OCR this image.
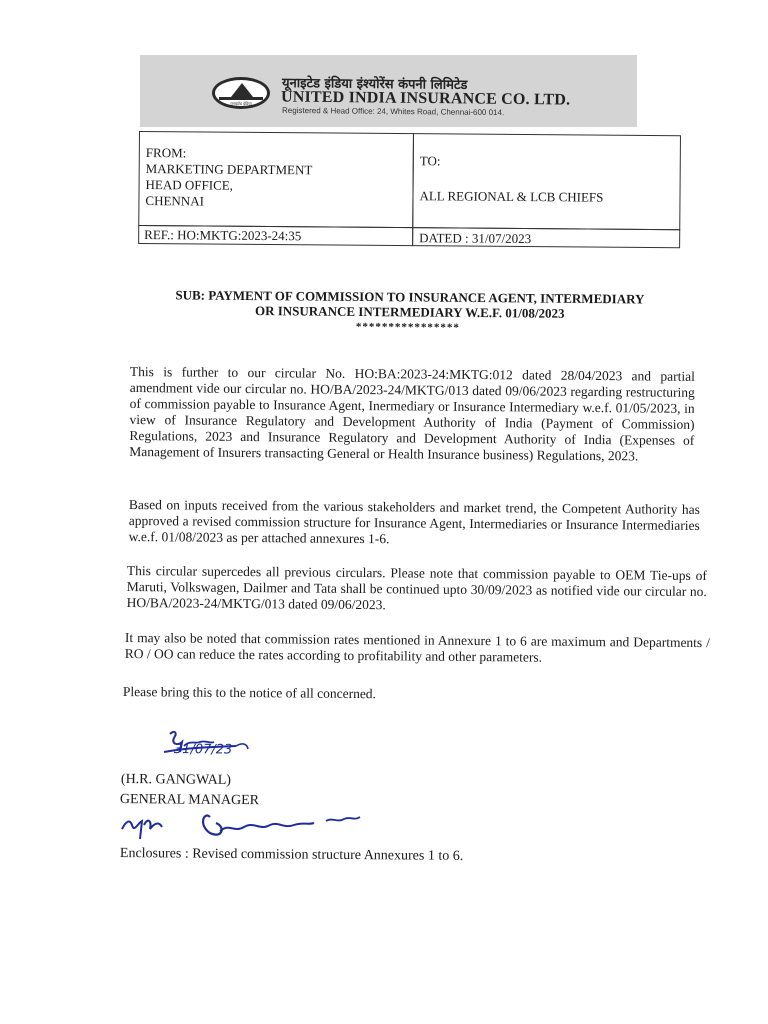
यूनाइटेड इंडिया
यूनाइटेड इंडिया इंश्योरेंस कंपनी लिमिटेड
UNITED INDIA INSURANCE CO. LTD.
Registered & Head Office: 24, Whites Road, Chennai-600 014.
FROM:
MARKETING DEPARTMENT
HEAD OFFICE,
CHENNAI
TO:
ALL REGIONAL & LCB CHIEFS
REF.: HO:MKTG:2023-24:35	DATED : 31/07/2023
SUB: PAYMENT OF COMMISSION TO INSURANCE AGENT, INTERMEDIARY
OR INSURANCE INTERMEDIARY W.E.F. 01/08/2023
****************
This is further to our circular No. HO:BA:2023-24:MKTG:012 dated 28/04/2023 and partial amendment vide our circular no. HO/BA/2023-24/MKTG/013 dated 09/06/2023 regarding restructuring of commission payable to Insurance Agent, Inermediary or Insurance Intermediary w.e.f. 01/05/2023, in view of Insurance Regulatory and Development Authority of India (Payment of Commission) Regulations, 2023 and Insurance Regulatory and Development Authority of India (Expenses of Management of Insurers transacting General or Health Insurance business) Regulations, 2023.
Based on inputs received from the various stakeholders and market trend, the Competent Authority has approved a revised commission structure for Insurance Agent, Intermediaries or Insurance Intermediaries w.e.f. 01/08/2023 as per attached annexures 1-6.
This circular supercedes all previous circulars. Please note that commission payable to OEM Tie-ups of Maruti, Volkswagen, Dailmer and Tata shall be continued upto 30/09/2023 as notified vide our circular no. HO/BA/2023-24/MKTG/013 dated 09/06/2023.
It may also be noted that commission rates mentioned in Annexure 1 to 6 are maximum and Departments / RO / OO can reduce the rates according to profitability and other parameters.
Please bring this to the notice of all concerned.
31/07/23
(H.R. GANGWAL)
GENERAL MANAGER
Enclosures : Revised commission structure Annexures 1 to 6.
